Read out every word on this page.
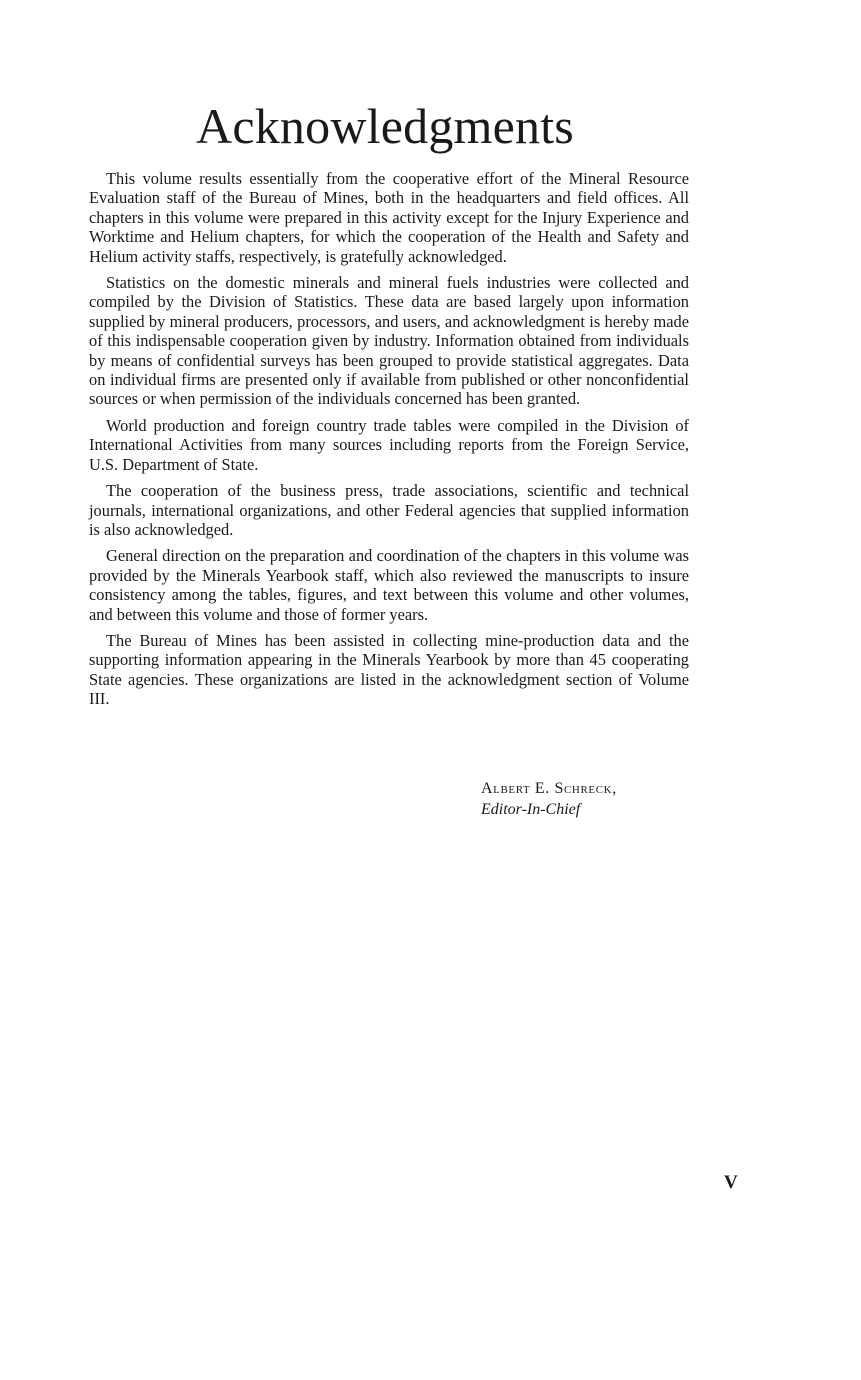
Acknowledgments

This volume results essentially from the cooperative effort of the Mineral Resource Evaluation staff of the Bureau of Mines, both in the headquarters and field offices. All chapters in this volume were prepared in this activity except for the Injury Experience and Worktime and Helium chapters, for which the cooperation of the Health and Safety and Helium activity staffs, respectively, is gratefully acknowledged.

Statistics on the domestic minerals and mineral fuels industries were collected and compiled by the Division of Statistics. These data are based largely upon information supplied by mineral producers, processors, and users, and acknowledgment is hereby made of this indispensable cooperation given by industry. Information obtained from individuals by means of confidential surveys has been grouped to provide statistical aggregates. Data on individual firms are presented only if available from published or other nonconfidential sources or when permission of the individuals concerned has been granted.

World production and foreign country trade tables were compiled in the Division of International Activities from many sources including reports from the Foreign Service, U.S. Department of State.

The cooperation of the business press, trade associations, scientific and technical journals, international organizations, and other Federal agencies that supplied information is also acknowledged.

General direction on the preparation and coordination of the chapters in this volume was provided by the Minerals Yearbook staff, which also reviewed the manuscripts to insure consistency among the tables, figures, and text between this volume and other volumes, and between this volume and those of former years.

The Bureau of Mines has been assisted in collecting mine-production data and the supporting information appearing in the Minerals Yearbook by more than 45 cooperating State agencies. These organizations are listed in the acknowledgment section of Volume III.

Albert E. Schreck,
Editor-In-Chief
V
